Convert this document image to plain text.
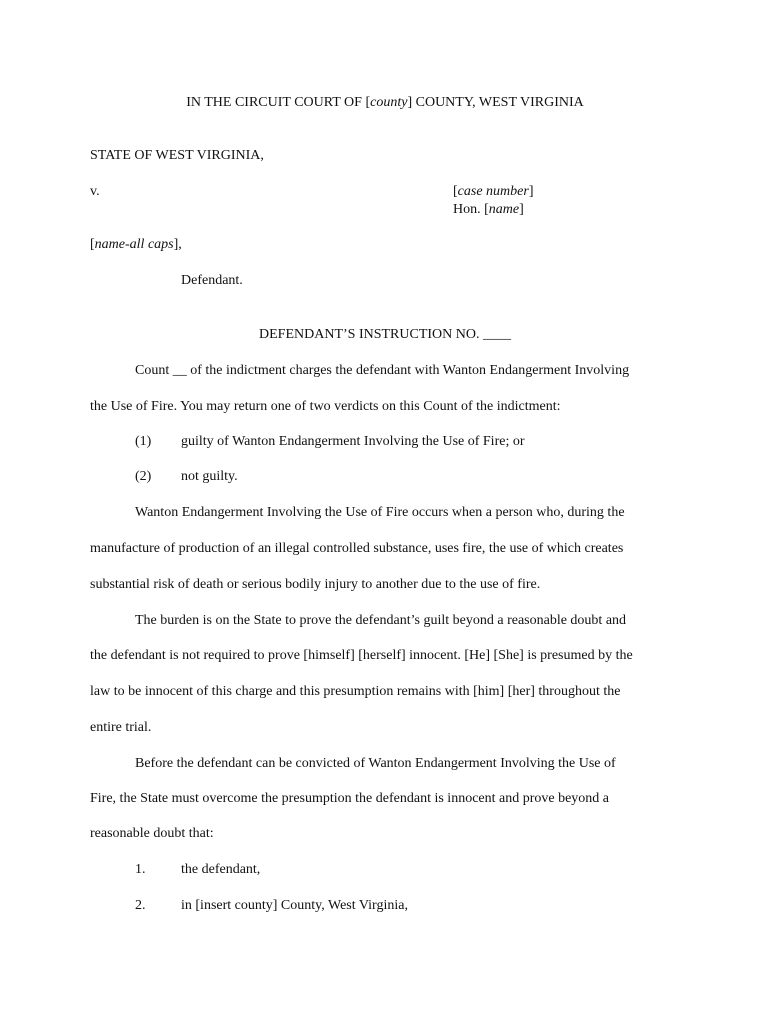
IN THE CIRCUIT COURT OF [county] COUNTY, WEST VIRGINIA
STATE OF WEST VIRGINIA,
v.	[case number]
Hon. [name]
[name-all caps],
Defendant.
DEFENDANT’S INSTRUCTION NO. ____
Count __ of the indictment charges the defendant with Wanton Endangerment Involving
the Use of Fire. You may return one of two verdicts on this Count of the indictment:
(1) guilty of Wanton Endangerment Involving the Use of Fire; or
(2) not guilty.
Wanton Endangerment Involving the Use of Fire occurs when a person who, during the
manufacture of production of an illegal controlled substance, uses fire, the use of which creates
substantial risk of death or serious bodily injury to another due to the use of fire.
The burden is on the State to prove the defendant’s guilt beyond a reasonable doubt and
the defendant is not required to prove [himself] [herself] innocent. [He] [She] is presumed by the
law to be innocent of this charge and this presumption remains with [him] [her] throughout the
entire trial.
Before the defendant can be convicted of Wanton Endangerment Involving the Use of
Fire, the State must overcome the presumption the defendant is innocent and prove beyond a
reasonable doubt that:
1.	the defendant,
2.	in [insert county] County, West Virginia,
